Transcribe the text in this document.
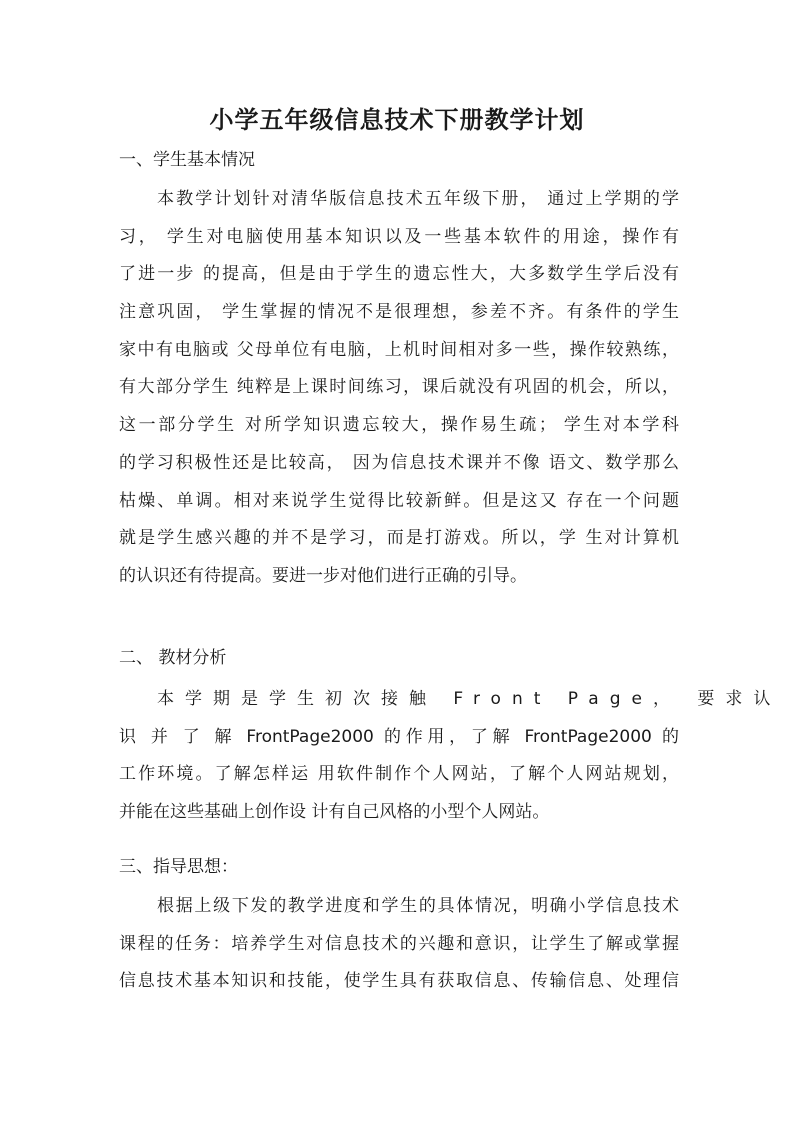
小学五年级信息技术下册教学计划
一、学生基本情况
本教学计划针对清华版信息技术五年级下册， 通过上学期的学
习， 学生对电脑使用基本知识以及一些基本软件的用途，操作有
了进一步 的提高，但是由于学生的遗忘性大，大多数学生学后没有
注意巩固， 学生掌握的情况不是很理想，参差不齐。有条件的学生
家中有电脑或 父母单位有电脑，上机时间相对多一些，操作较熟练，
有大部分学生 纯粹是上课时间练习，课后就没有巩固的机会，所以，
这一部分学生 对所学知识遗忘较大，操作易生疏； 学生对本学科
的学习积极性还是比较高， 因为信息技术课并不像 语文、数学那么
枯燥、单调。相对来说学生觉得比较新鲜。但是这又 存在一个问题
就是学生感兴趣的并不是学习，而是打游戏。所以，学 生对计算机
的认识还有待提高。要进一步对他们进行正确的引导。
二、 教材分析
本学期是学生初次接触 Front Page， 要求认
识 并 了 解 FrontPage2000 的作用，了解 FrontPage2000 的
工作环境。了解怎样运 用软件制作个人网站，了解个人网站规划，
并能在这些基础上创作设 计有自己风格的小型个人网站。
三、指导思想：
根据上级下发的教学进度和学生的具体情况，明确小学信息技术
课程的任务：培养学生对信息技术的兴趣和意识，让学生了解或掌握
信息技术基本知识和技能，使学生具有获取信息、传输信息、处理信
